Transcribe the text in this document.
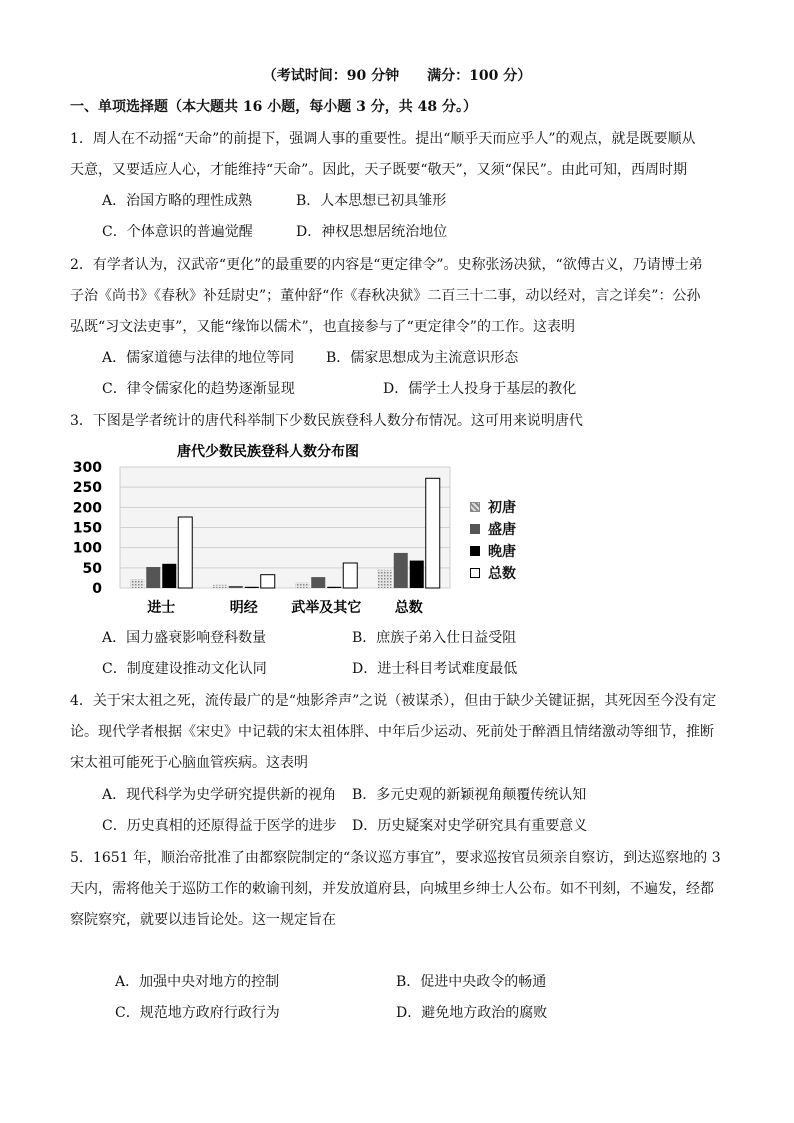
（考试时间：90 分钟　　满分：100 分）
一、单项选择题（本大题共 16 小题，每小题 3 分，共 48 分。）
1．周人在不动摇“天命”的前提下，强调人事的重要性。提出“顺乎天而应乎人”的观点，就是既要顺从
天意，又要适应人心，才能维持“天命”。因此，天子既要“敬天”，又须“保民”。由此可知，西周时期
A．治国方略的理性成熟	B．人本思想已初具雏形
C．个体意识的普遍觉醒	D．神权思想居统治地位
2．有学者认为，汉武帝“更化”的最重要的内容是“更定律令”。史称张汤决狱，“欲傅古义，乃请博士弟
子治《尚书》《春秋》补廷尉史”；董仲舒“作《春秋决狱》二百三十二事，动以经对，言之详矣”：公孙
弘既“习文法吏事”，又能“缘饰以儒术”，也直接参与了“更定律令”的工作。这表明
A．儒家道德与法律的地位等同 B．儒家思想成为主流意识形态
C．律令儒家化的趋势逐渐显现	D．儒学士人投身于基层的教化
3．下图是学者统计的唐代科举制下少数民族登科人数分布情况。这可用来说明唐代
唐代少数民族登科人数分布图
300
250
200
150
100
50
0
进士	明经 武举及其它 总数
初唐
盛唐
晚唐
总数
A．国力盛衰影响登科数量	B．庶族子弟入仕日益受阻
C．制度建设推动文化认同	D．进士科目考试难度最低
4．关于宋太祖之死，流传最广的是“烛影斧声”之说（被谋杀），但由于缺少关键证据，其死因至今没有定
论。现代学者根据《宋史》中记载的宋太祖体胖、中年后少运动、死前处于醉酒且情绪激动等细节，推断
宋太祖可能死于心脑血管疾病。这表明
A．现代科学为史学研究提供新的视角 B．多元史观的新颖视角颠覆传统认知
C．历史真相的还原得益于医学的进步 D．历史疑案对史学研究具有重要意义
5．1651 年，顺治帝批准了由都察院制定的“条议巡方事宜”，要求巡按官员须亲自察访，到达巡察地的 3
天内，需将他关于巡防工作的敕谕刊刻，并发放道府县，向城里乡绅士人公布。如不刊刻，不遍发，经都
察院察究，就要以违旨论处。这一规定旨在
A．加强中央对地方的控制	B．促进中央政令的畅通
C．规范地方政府行政行为	D．避免地方政治的腐败
